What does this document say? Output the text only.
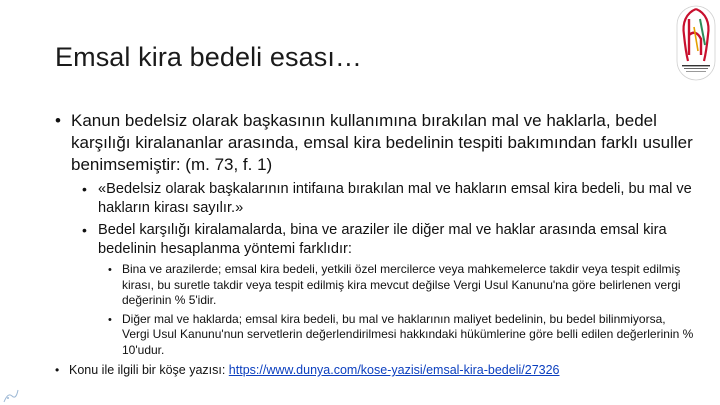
Emsal kira bedeli esası…
• Kanun bedelsiz olarak başkasının kullanımına bırakılan mal ve haklarla, bedel karşılığı kiralananlar arasında, emsal kira bedelinin tespiti bakımından farklı usuller benimsemiştir: (m. 73, f. 1)
• «Bedelsiz olarak başkalarının intifaına bırakılan mal ve hakların emsal kira bedeli, bu mal ve hakların kirası sayılır.»
• Bedel karşılığı kiralamalarda, bina ve araziler ile diğer mal ve haklar arasında emsal kira bedelinin hesaplanma yöntemi farklıdır:
• Bina ve arazilerde; emsal kira bedeli, yetkili özel mercilerce veya mahkemelerce takdir veya tespit edilmiş kirası, bu suretle takdir veya tespit edilmiş kira mevcut değilse Vergi Usul Kanunu'na göre belirlenen vergi değerinin % 5'idir.
• Diğer mal ve haklarda; emsal kira bedeli, bu mal ve haklarının maliyet bedelinin, bu bedel bilinmiyorsa, Vergi Usul Kanunu'nun servetlerin değerlendirilmesi hakkındaki hükümlerine göre belli edilen değerlerinin % 10'udur.
• Konu ile ilgili bir köşe yazısı: https://www.dunya.com/kose-yazisi/emsal-kira-bedeli/27326
